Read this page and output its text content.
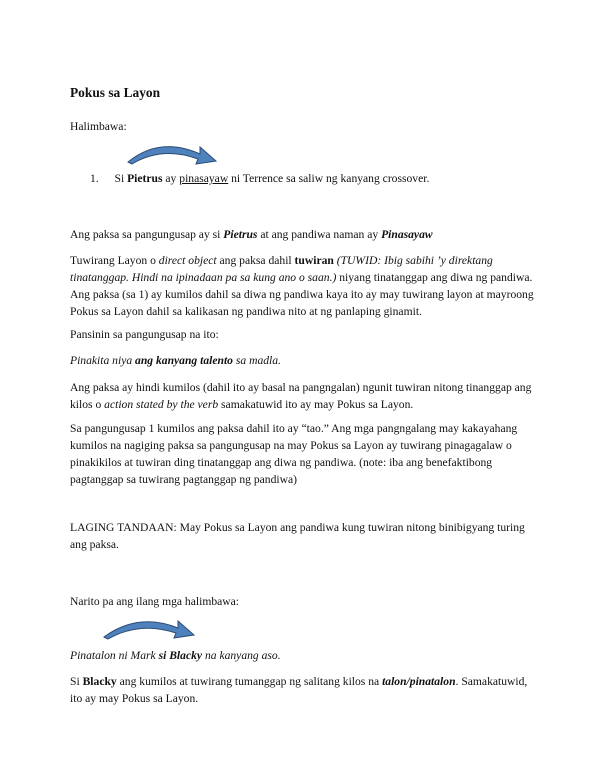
Pokus sa Layon
Halimbawa:
1. Si Pietrus ay pinasayaw ni Terrence sa saliw ng kanyang crossover.
Ang paksa sa pangungusap ay si Pietrus at ang pandiwa naman ay Pinasayaw
Tuwirang Layon o direct object ang paksa dahil tuwiran (TUWID: Ibig sabihi ’y direktang tinatanggap. Hindi na ipinadaan pa sa kung ano o saan.) niyang tinatanggap ang diwa ng pandiwa. Ang paksa (sa 1) ay kumilos dahil sa diwa ng pandiwa kaya ito ay may tuwirang layon at mayroong Pokus sa Layon dahil sa kalikasan ng pandiwa nito at ng panlaping ginamit.
Pansinin sa pangungusap na ito:
Pinakita niya ang kanyang talento sa madla.
Ang paksa ay hindi kumilos (dahil ito ay basal na pangngalan) ngunit tuwiran nitong tinanggap ang kilos o action stated by the verb samakatuwid ito ay may Pokus sa Layon.
Sa pangungusap 1 kumilos ang paksa dahil ito ay “tao.” Ang mga pangngalang may kakayahang kumilos na nagiging paksa sa pangungusap na may Pokus sa Layon ay tuwirang pinagagalaw o pinakikilos at tuwiran ding tinatanggap ang diwa ng pandiwa. (note: iba ang benefaktibong pagtanggap sa tuwirang pagtanggap ng pandiwa)
LAGING TANDAAN: May Pokus sa Layon ang pandiwa kung tuwiran nitong binibigyang turing ang paksa.
Narito pa ang ilang mga halimbawa:
Pinatalon ni Mark si Blacky na kanyang aso.
Si Blacky ang kumilos at tuwirang tumanggap ng salitang kilos na talon/pinatalon. Samakatuwid, ito ay may Pokus sa Layon.
